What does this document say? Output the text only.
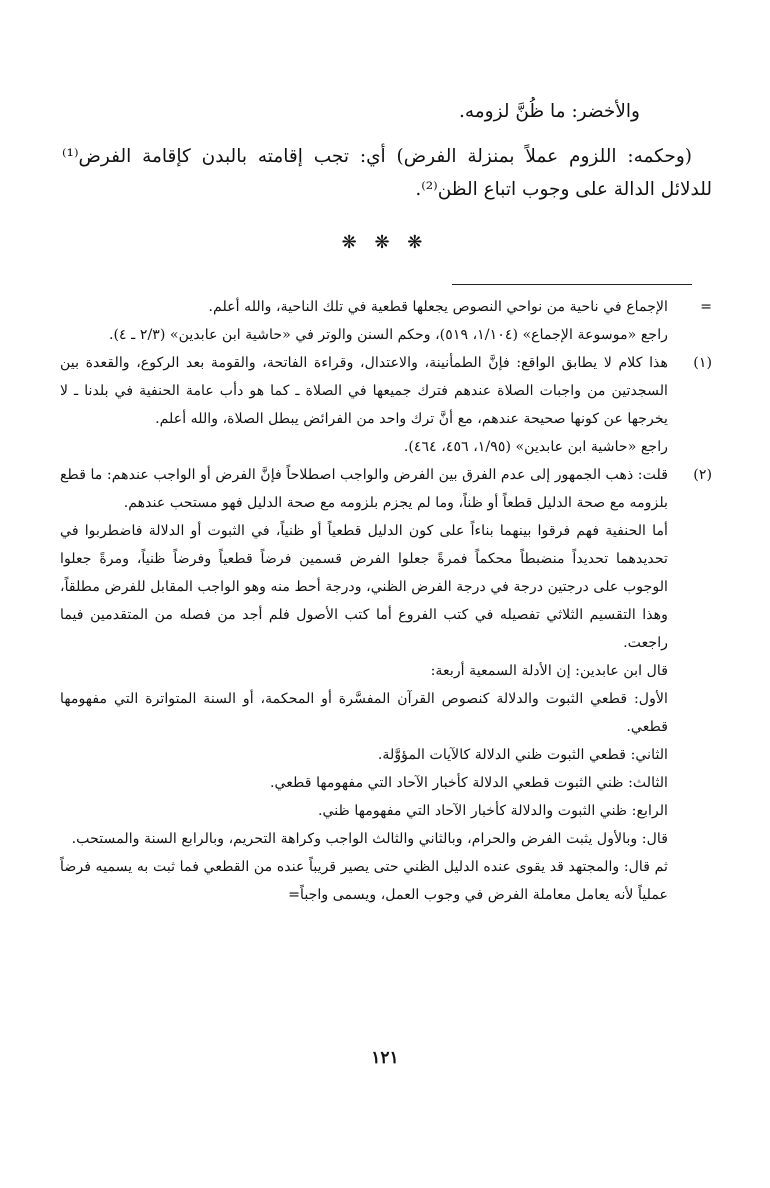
والأخضر: ما ظُنَّ لزومه.

(وحكمه: اللزوم عملاً بمنزلة الفرض) أي: تجب إقامته بالبدن كإقامة الفرض⁽¹⁾ للدلائل الدالة على وجوب اتباع الظن⁽²⁾.

❋ ❋ ❋
=

الإجماع في ناحية من نواحي النصوص يجعلها قطعية في تلك الناحية، والله أعلم.

راجع «موسوعة الإجماع» (١/١٠٤، ٥١٩)، وحكم السنن والوتر في «حاشية ابن عابدين» (٢/٣ ـ ٤).

(١)

هذا كلام لا يطابق الواقع: فإنَّ الطمأنينة، والاعتدال، وقراءة الفاتحة، والقومة بعد الركوع، والقعدة بين السجدتين من واجبات الصلاة عندهم فترك جميعها في الصلاة ـ كما هو دأب عامة الحنفية في بلدنا ـ لا يخرجها عن كونها صحيحة عندهم، مع أنَّ ترك واحد من الفرائض يبطل الصلاة، والله أعلم.

راجع «حاشية ابن عابدين» (١/٩٥، ٤٥٦، ٤٦٤).

(٢)

قلت: ذهب الجمهور إلى عدم الفرق بين الفرض والواجب اصطلاحاً فإنَّ الفرض أو الواجب عندهم: ما قطع بلزومه مع صحة الدليل قطعاً أو ظناً، وما لم يجزم بلزومه مع صحة الدليل فهو مستحب عندهم.

أما الحنفية فهم فرقوا بينهما بناءاً على كون الدليل قطعياً أو ظنياً، في الثبوت أو الدلالة فاضطربوا في تحديدهما تحديداً منضبطاً محكماً فمرةً جعلوا الفرض قسمين فرضاً قطعياً وفرضاً ظنياً، ومرةً جعلوا الوجوب على درجتين درجة في درجة الفرض الظني، ودرجة أحط منه وهو الواجب المقابل للفرض مطلقاً، وهذا التقسيم الثلاثي تفصيله في كتب الفروع أما كتب الأصول فلم أجد من فصله من المتقدمين فيما راجعت.

قال ابن عابدين: إن الأدلة السمعية أربعة:

الأول: قطعي الثبوت والدلالة كنصوص القرآن المفسَّرة أو المحكمة، أو السنة المتواترة التي مفهومها قطعي.

الثاني: قطعي الثبوت ظني الدلالة كالآيات المؤوَّلة.

الثالث: ظني الثبوت قطعي الدلالة كأخبار الآحاد التي مفهومها قطعي.

الرابع: ظني الثبوت والدلالة كأخبار الآحاد التي مفهومها ظني.

قال: وبالأول يثبت الفرض والحرام، وبالثاني والثالث الواجب وكراهة التحريم، وبالرابع السنة والمستحب.

ثم قال: والمجتهد قد يقوى عنده الدليل الظني حتى يصير قريباً عنده من القطعي فما ثبت به يسميه فرضاً عملياً لأنه يعامل معاملة الفرض في وجوب العمل، ويسمى واجباً=

١٢١
